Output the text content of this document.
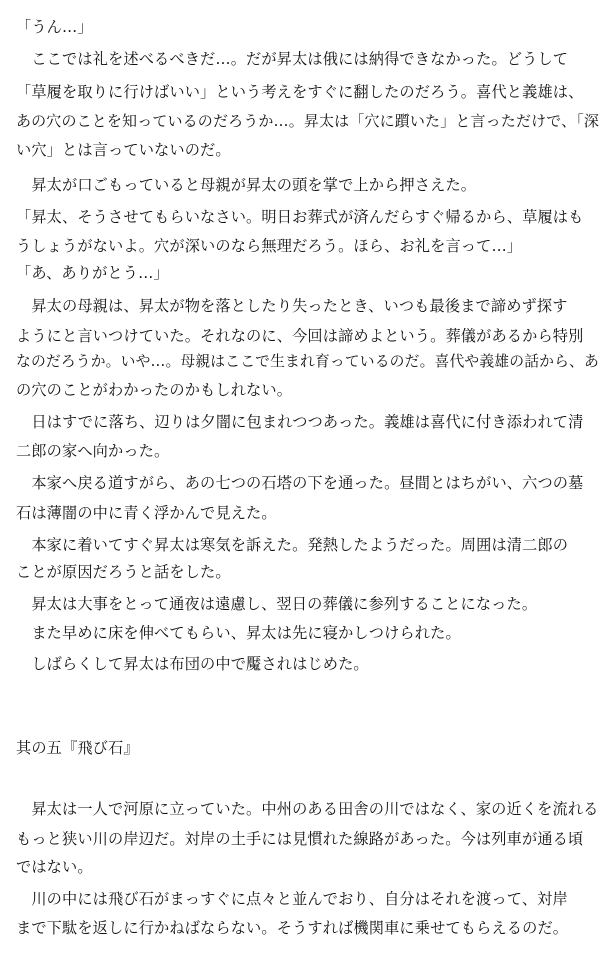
「うん…」
　ここでは礼を述べるべきだ…。だが昇太は俄には納得できなかった。どうして
「草履を取りに行けばいい」という考えをすぐに翻したのだろう。喜代と義雄は、
あの穴のことを知っているのだろうか…。昇太は「穴に躓いた」と言っただけで、「深
い穴」とは言っていないのだ。
　昇太が口ごもっていると母親が昇太の頭を掌で上から押さえた。
「昇太、そうさせてもらいなさい。明日お葬式が済んだらすぐ帰るから、草履はも
うしょうがないよ。穴が深いのなら無理だろう。ほら、お礼を言って…」
「あ、ありがとう…」
　昇太の母親は、昇太が物を落としたり失ったとき、いつも最後まで諦めず探す
ようにと言いつけていた。それなのに、今回は諦めよという。葬儀があるから特別
なのだろうか。いや…。母親はここで生まれ育っているのだ。喜代や義雄の話から、あ
の穴のことがわかったのかもしれない。
　日はすでに落ち、辺りは夕闇に包まれつつあった。義雄は喜代に付き添われて清
二郎の家へ向かった。
　本家へ戻る道すがら、あの七つの石塔の下を通った。昼間とはちがい、六つの墓
石は薄闇の中に青く浮かんで見えた。
　本家に着いてすぐ昇太は寒気を訴えた。発熱したようだった。周囲は清二郎の
ことが原因だろうと話をした。
　昇太は大事をとって通夜は遠慮し、翌日の葬儀に参列することになった。
　また早めに床を伸べてもらい、昇太は先に寝かしつけられた。
　しばらくして昇太は布団の中で魘されはじめた。
其の五『飛び石』
　昇太は一人で河原に立っていた。中州のある田舎の川ではなく、家の近くを流れる
もっと狭い川の岸辺だ。対岸の土手には見慣れた線路があった。今は列車が通る頃
ではない。
　川の中には飛び石がまっすぐに点々と並んでおり、自分はそれを渡って、対岸
まで下駄を返しに行かねばならない。そうすれば機関車に乗せてもらえるのだ。
